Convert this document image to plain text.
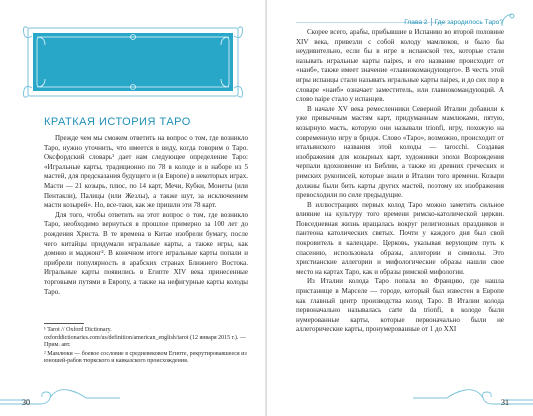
КРАТКАЯ ИСТОРИЯ ТАРО

Прежде чем мы сможем ответить на вопрос о том, где возникло Таро, нужно уточнить, что имеется в виду, когда говорим о Таро. Оксфордский словарь¹ дает нам следующее определение Таро: «Игральные карты, традиционно по 78 в колоде и в наборе из 5 мастей, для предсказания будущего и (в Европе) в некоторых играх. Масти — 21 козырь, плюс, по 14 карт, Мечи, Кубки, Монеты (или Пентакли), Палицы (или Жезлы), а также шут, за исключением масти козырей». Но, все-таки, как же пришли эти 78 карт.

Для того, чтобы ответить на этот вопрос о том, где возникло Таро, необходимо вернуться в прошлое примерно за 100 лет до рождения Христа. В те времена в Китае изобрели бумагу, после чего китайцы придумали игральные карты, а также игры, как домино и маджонг². В конечном итоге игральные карты попали и прибрели популярность в арабских странах Ближнего Востока. Игральные карты появились в Египте XIV века принесенные торговыми путями в Европу, а также на нефигурные карты колоды Таро.

¹ Tarot // Oxford Dictionary. oxforddictionaries.com/us/definition/american_english/tarot (12 января 2015 г.). — Прим. авт.

² Мамлюки — боевое сословие в средневековом Египте, рекрутировавшееся из юношей-рабов тюркского и кавказского происхождения.

30
Глава 2 Где зародилось Таро?

Скорее всего, арабы, прибывшие в Испанию во второй половине XIV века, привезли с собой колоду мамлюков, и было бы неудивительно, если бы в игре в испанской тех, которые стали называть игральные карты naipes, и его название происходит от «наиб», также имеет значение «главнокомандующего». В честь этой игры испанцы стали называть игральные карты naipes, и до сих пор в словаре «наиб» означает заместитель, или главнокомандующий. А слово naipe стало у испанцев.

В начале XV века ремесленники Северной Италии добавили к уже привычным мастям карт, придуманным мамлюками, пятую, козырную масть, которую они называли trionfi, игру, похожую на современную игру в бридж. Слово «Таро», возможно, происходит от итальянского названия этой колоды — tarocchi. Создавая изображения для козырных карт, художники эпохи Возрождения черпали вдохновение из Библии, а также из древних греческих и римских рукописей, которые знали в Италии того времени. Козыри должны были бить карты других мастей, поэтому их изображения превосходили по силе предыдущие.

В иллюстрациях первых колод Таро можно заметить сильное влияние на культуру того времени римско-католической церкви. Повседневная жизнь вращалась вокруг религиозных праздников и пантеона католических святых. Почти у каждого дня был свой покровитель в календаре. Церковь, указывая верующим путь к спасению, использовала образы, аллегории и символы. Это христианские аллегории и мифологические образы нашли свое место на картах Таро, как и образы римской мифологии.

Из Италии колода Таро попала во Францию, где нашла пристанище в Марселе — городе, который был известен в Европе как главный центр производства колод Таро. В Италии колода первоначально называлась carte da trionfi, в колоде были нумерованные карты, которые первоначально были не аллегорические карты, пронумерованные от 1 до XXI

31
